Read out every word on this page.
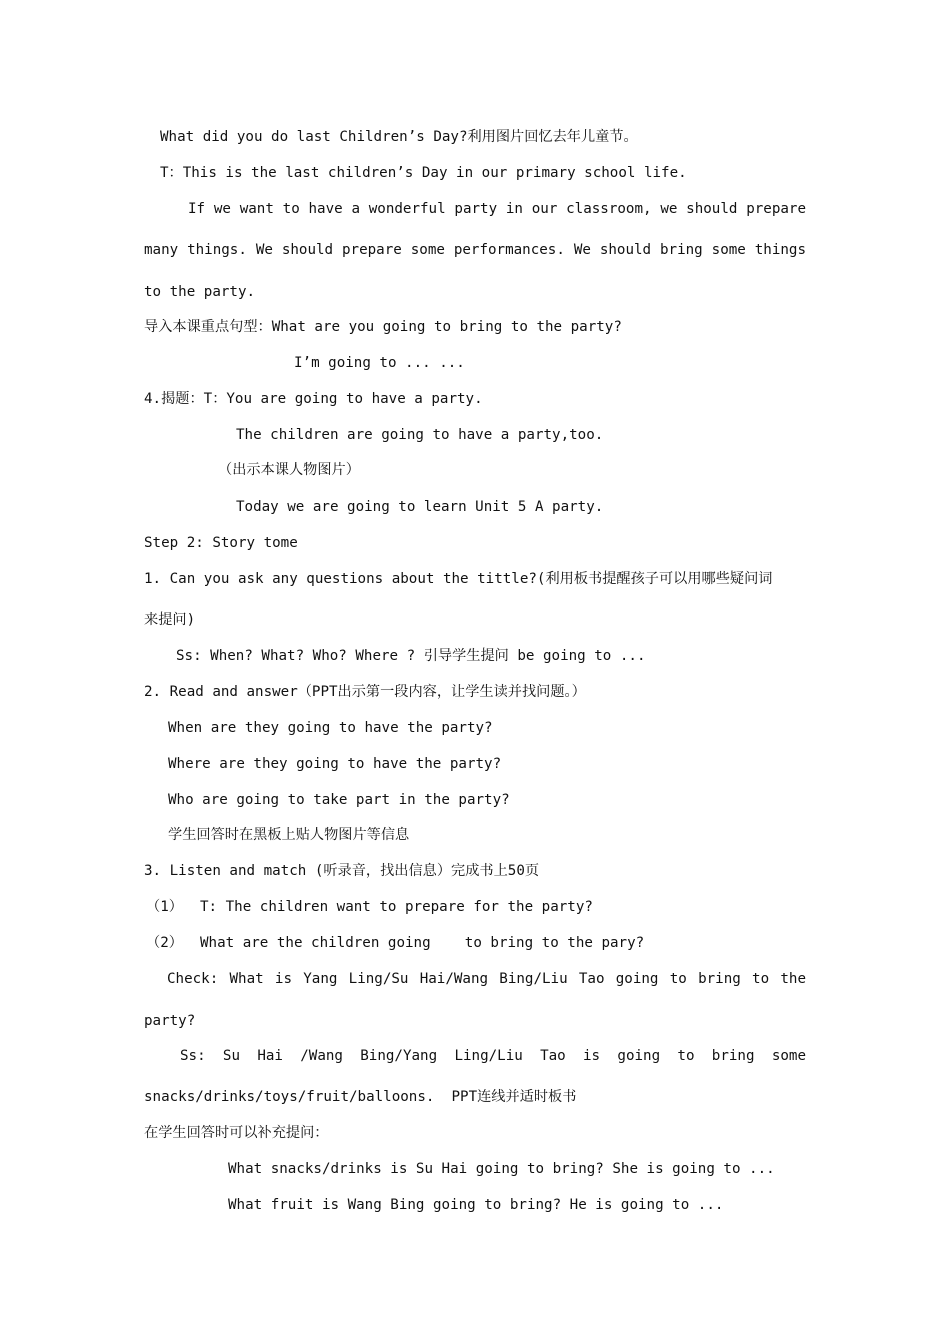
What did you do last Children’s Day?利用图片回忆去年儿童节。
T：This is the last children’s Day in our primary school life.
If we want to have a wonderful party in our classroom, we should prepare
many things. We should prepare some performances. We should bring some things
to the party.
导入本课重点句型：What are you going to bring to the party?
I’m going to ... ...
4.揭题：T：You are going to have a party.
The children are going to have a party,too.
（出示本课人物图片）
Today we are going to learn Unit 5 A party.
Step 2: Story tome
1. Can you ask any questions about the tittle?(利用板书提醒孩子可以用哪些疑问词
来提问)
Ss: When? What? Who? Where ? 引导学生提问 be going to ...
2. Read and answer（PPT出示第一段内容，让学生读并找问题。）
When are they going to have the party?
Where are they going to have the party?
Who are going to take part in the party?
学生回答时在黑板上贴人物图片等信息
3. Listen and match (听录音，找出信息）完成书上50页
（1）  T: The children want to prepare for the party?
（2）  What are the children going    to bring to the pary?
Check: What is Yang Ling/Su Hai/Wang Bing/Liu Tao going to bring to the
party?
Ss: Su Hai /Wang Bing/Yang Ling/Liu Tao is going to bring some
snacks/drinks/toys/fruit/balloons.  PPT连线并适时板书
在学生回答时可以补充提问：
What snacks/drinks is Su Hai going to bring? She is going to ...
What fruit is Wang Bing going to bring? He is going to ...
